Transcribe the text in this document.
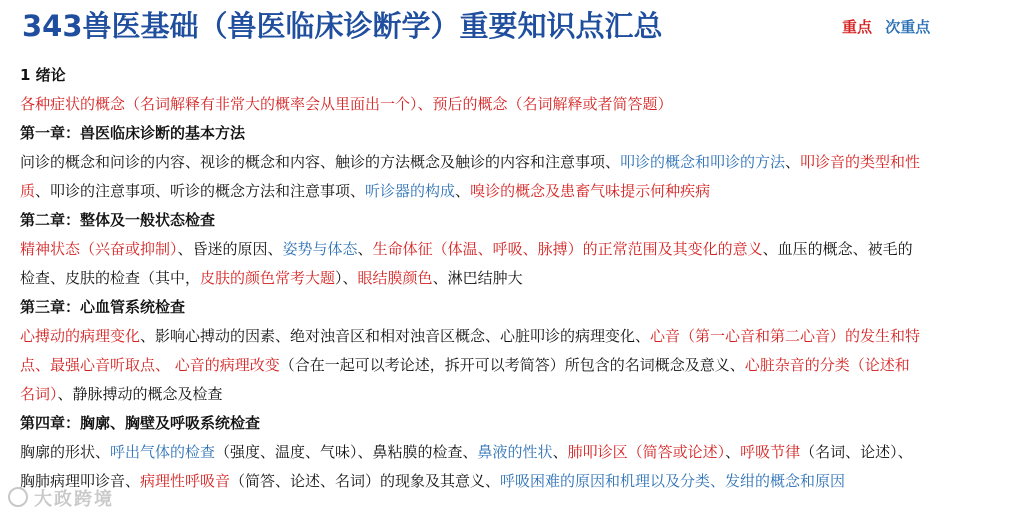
343兽医基础（兽医临床诊断学）重要知识点汇总	重点 次重点
1 绪论
各种症状的概念（名词解释有非常大的概率会从里面出一个）、预后的概念（名词解释或者简答题）
第一章：兽医临床诊断的基本方法
问诊的概念和问诊的内容、视诊的概念和内容、触诊的方法概念及触诊的内容和注意事项、叩诊的概念和叩诊的方法、叩诊音的类型和性
质、叩诊的注意事项、听诊的概念方法和注意事项、听诊器的构成、嗅诊的概念及患畜气味提示何种疾病
第二章：整体及一般状态检查
精神状态（兴奋或抑制）、昏迷的原因、姿势与体态、生命体征（体温、呼吸、脉搏）的正常范围及其变化的意义、血压的概念、被毛的
检查、皮肤的检查（其中，皮肤的颜色常考大题）、眼结膜颜色、淋巴结肿大
第三章：心血管系统检查
心搏动的病理变化、影响心搏动的因素、绝对浊音区和相对浊音区概念、心脏叩诊的病理变化、心音（第一心音和第二心音）的发生和特
点、最强心音听取点、 心音的病理改变（合在一起可以考论述，拆开可以考简答）所包含的名词概念及意义、心脏杂音的分类（论述和
名词）、静脉搏动的概念及检查
第四章：胸廓、胸壁及呼吸系统检查
胸廓的形状、呼出气体的检查（强度、温度、气味）、鼻粘膜的检查、鼻液的性状、肺叩诊区（简答或论述）、呼吸节律（名词、论述）、
胸肺病理叩诊音、病理性呼吸音（简答、论述、名词）的现象及其意义、呼吸困难的原因和机理以及分类、发绀的概念和原因
大政跨境
